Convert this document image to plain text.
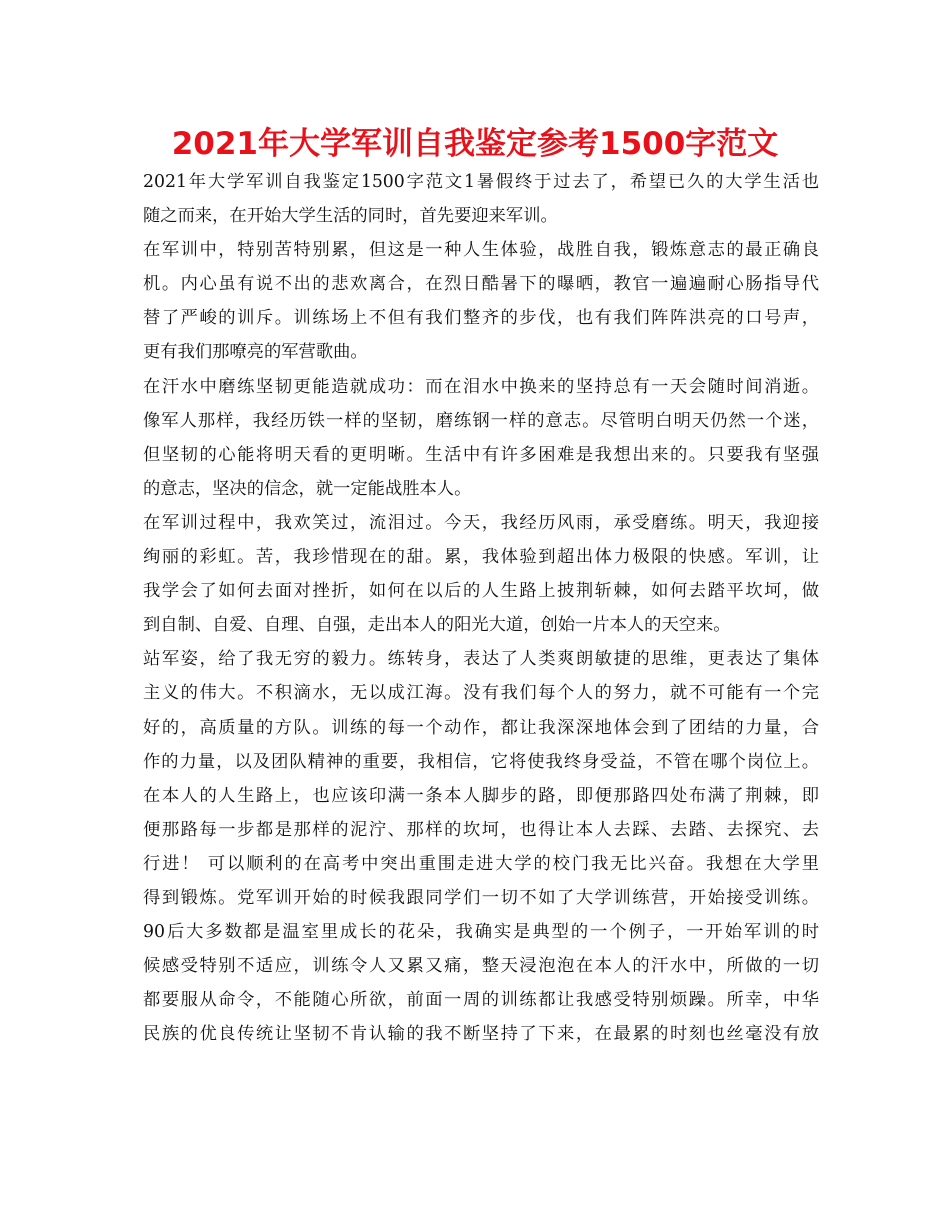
2021年大学军训自我鉴定参考1500字范文
2021年大学军训自我鉴定1500字范文1暑假终于过去了，希望已久的大学生活也
随之而来，在开始大学生活的同时，首先要迎来军训。
在军训中，特别苦特别累，但这是一种人生体验，战胜自我，锻炼意志的最正确良
机。内心虽有说不出的悲欢离合，在烈日酷暑下的曝晒，教官一遍遍耐心肠指导代
替了严峻的训斥。训练场上不但有我们整齐的步伐，也有我们阵阵洪亮的口号声，
更有我们那嘹亮的军营歌曲。
在汗水中磨练坚韧更能造就成功：而在泪水中换来的坚持总有一天会随时间消逝。
像军人那样，我经历铁一样的坚韧，磨练钢一样的意志。尽管明白明天仍然一个迷，
但坚韧的心能将明天看的更明晰。生活中有许多困难是我想出来的。只要我有坚强
的意志，坚决的信念，就一定能战胜本人。
在军训过程中，我欢笑过，流泪过。今天，我经历风雨，承受磨练。明天，我迎接
绚丽的彩虹。苦，我珍惜现在的甜。累，我体验到超出体力极限的快感。军训，让
我学会了如何去面对挫折，如何在以后的人生路上披荆斩棘，如何去踏平坎坷，做
到自制、自爱、自理、自强，走出本人的阳光大道，创始一片本人的天空来。
站军姿，给了我无穷的毅力。练转身，表达了人类爽朗敏捷的思维，更表达了集体
主义的伟大。不积滴水，无以成江海。没有我们每个人的努力，就不可能有一个完
好的，高质量的方队。训练的每一个动作，都让我深深地体会到了团结的力量，合
作的力量，以及团队精神的重要，我相信，它将使我终身受益，不管在哪个岗位上。
在本人的人生路上，也应该印满一条本人脚步的路，即便那路四处布满了荆棘，即
便那路每一步都是那样的泥泞、那样的坎坷，也得让本人去踩、去踏、去探究、去
行进！ 可以顺利的在高考中突出重围走进大学的校门我无比兴奋。我想在大学里
得到锻炼。党军训开始的时候我跟同学们一切不如了大学训练营，开始接受训练。
90后大多数都是温室里成长的花朵，我确实是典型的一个例子，一开始军训的时
候感受特别不适应，训练令人又累又痛，整天浸泡泡在本人的汗水中，所做的一切
都要服从命令，不能随心所欲，前面一周的训练都让我感受特别烦躁。所幸，中华
民族的优良传统让坚韧不肯认输的我不断坚持了下来，在最累的时刻也丝毫没有放
